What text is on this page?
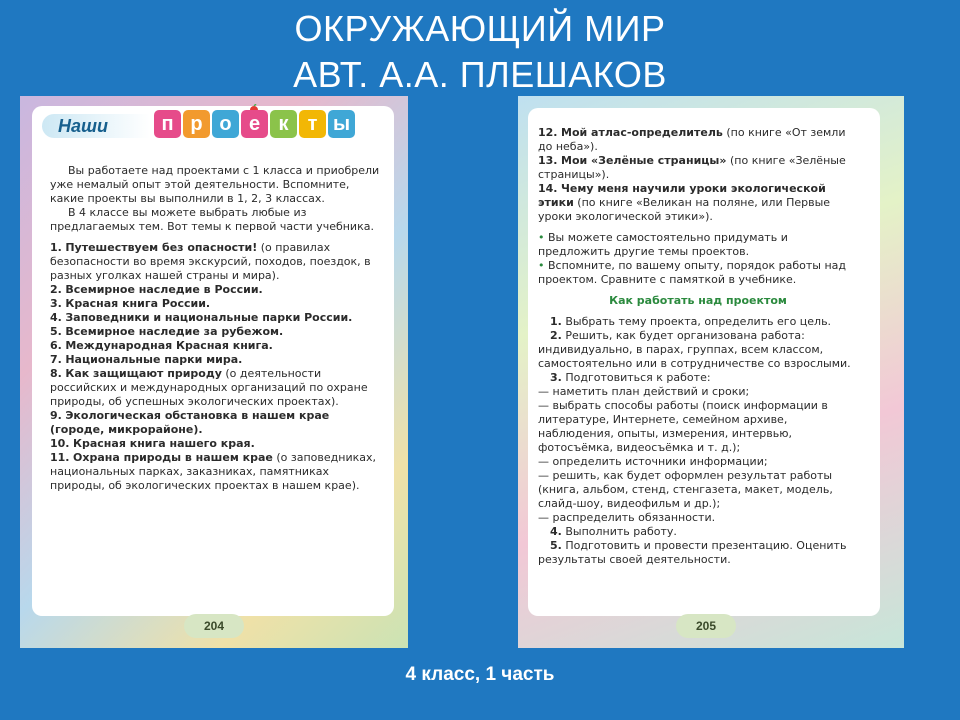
ОКРУЖАЮЩИЙ МИР
АВТ. А.А. ПЛЕШАКОВ
Наши	п р о е к т ы

Вы работаете над проектами с 1 класса и приобрели уже немалый опыт этой деятельности. Вспомните, какие проекты вы выполнили в 1, 2, 3 классах.

В 4 классе вы можете выбрать любые из предлагаемых тем. Вот темы к первой части учебника.

1. Путешествуем без опасности! (о правилах безопасности во время экскурсий, походов, поездок, в разных уголках нашей страны и мира).

2. Всемирное наследие в России.

3. Красная книга России.

4. Заповедники и национальные парки России.

5. Всемирное наследие за рубежом.

6. Международная Красная книга.

7. Национальные парки мира.

8. Как защищают природу (о деятельности российских и международных организаций по охране природы, об успешных экологических проектах).

9. Экологическая обстановка в нашем крае (городе, микрорайоне).

10. Красная книга нашего края.

11. Охрана природы в нашем крае (о заповедниках, национальных парках, заказниках, памятниках природы, об экологических проектах в нашем крае).

204

12. Мой атлас-определитель (по книге «От земли до неба»).

13. Мои «Зелёные страницы» (по книге «Зелёные страницы»).

14. Чему меня научили уроки экологической этики (по книге «Великан на поляне, или Первые уроки экологической этики»).

• Вы можете самостоятельно придумать и предложить другие темы проектов.

• Вспомните, по вашему опыту, порядок работы над проектом. Сравните с памяткой в учебнике.

Как работать над проектом

1. Выбрать тему проекта, определить его цель.

2. Решить, как будет организована работа: индивидуально, в парах, группах, всем классом, самостоятельно или в сотрудничестве со взрослыми.

3. Подготовиться к работе:

— наметить план действий и сроки;

— выбрать способы работы (поиск информации в литературе, Интернете, семейном архиве, наблюдения, опыты, измерения, интервью, фотосъёмка, видеосъёмка и т. д.);

— определить источники информации;

— решить, как будет оформлен результат работы (книга, альбом, стенд, стенгазета, макет, модель, слайд-шоу, видеофильм и др.);

— распределить обязанности.

4. Выполнить работу.

5. Подготовить и провести презентацию. Оценить результаты своей деятельности.

205
4 класс, 1 часть
